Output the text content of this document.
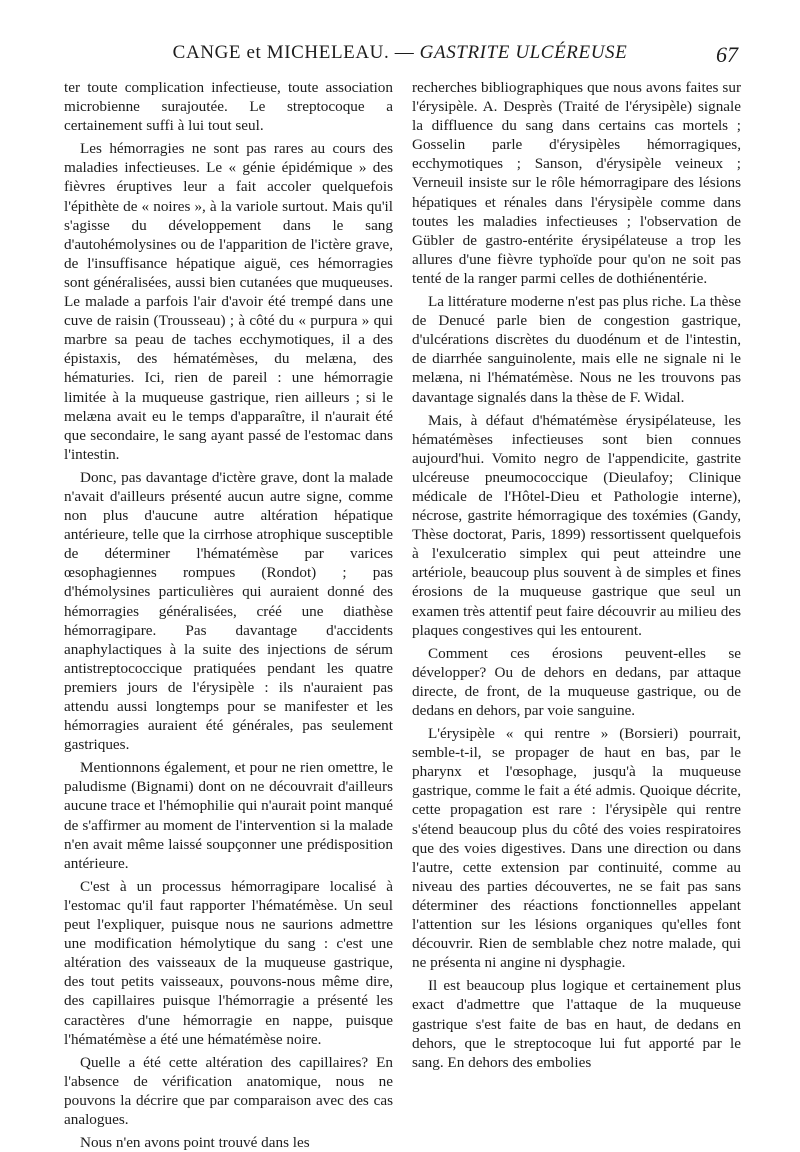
CANGE et MICHELEAU. — GASTRITE ULCÉREUSE	67

ter toute complication infectieuse, toute association microbienne surajoutée. Le streptocoque a certainement suffi à lui tout seul.

Les hémorragies ne sont pas rares au cours des maladies infectieuses. Le « génie épidémique » des fièvres éruptives leur a fait accoler quelquefois l'épithète de « noires », à la variole surtout. Mais qu'il s'agisse du développement dans le sang d'autohémolysines ou de l'apparition de l'ictère grave, de l'insuffisance hépatique aiguë, ces hémorragies sont généralisées, aussi bien cutanées que muqueuses. Le malade a parfois l'air d'avoir été trempé dans une cuve de raisin (Trousseau) ; à côté du « purpura » qui marbre sa peau de taches ecchymotiques, il a des épistaxis, des hématémèses, du melæna, des hématuries. Ici, rien de pareil : une hémorragie limitée à la muqueuse gastrique, rien ailleurs ; si le melæna avait eu le temps d'apparaître, il n'aurait été que secondaire, le sang ayant passé de l'estomac dans l'intestin.

Donc, pas davantage d'ictère grave, dont la malade n'avait d'ailleurs présenté aucun autre signe, comme non plus d'aucune autre altération hépatique antérieure, telle que la cirrhose atrophique susceptible de déterminer l'hématémèse par varices œsophagiennes rompues (Rondot) ; pas d'hémolysines particulières qui auraient donné des hémorragies généralisées, créé une diathèse hémorragipare. Pas davantage d'accidents anaphylactiques à la suite des injections de sérum antistreptococcique pratiquées pendant les quatre premiers jours de l'érysipèle : ils n'auraient pas attendu aussi longtemps pour se manifester et les hémorragies auraient été générales, pas seulement gastriques.

Mentionnons également, et pour ne rien omettre, le paludisme (Bignami) dont on ne découvrait d'ailleurs aucune trace et l'hémophilie qui n'aurait point manqué de s'affirmer au moment de l'intervention si la malade n'en avait même laissé soupçonner une prédisposition antérieure.

C'est à un processus hémorragipare localisé à l'estomac qu'il faut rapporter l'hématémèse. Un seul peut l'expliquer, puisque nous ne saurions admettre une modification hémolytique du sang : c'est une altération des vaisseaux de la muqueuse gastrique, des tout petits vaisseaux, pouvons-nous même dire, des capillaires puisque l'hémorragie a présenté les caractères d'une hémorragie en nappe, puisque l'hématémèse a été une hématémèse noire.

Quelle a été cette altération des capillaires? En l'absence de vérification anatomique, nous ne pouvons la décrire que par comparaison avec des cas analogues.

Nous n'en avons point trouvé dans les

recherches bibliographiques que nous avons faites sur l'érysipèle. A. Desprès (Traité de l'érysipèle) signale la diffluence du sang dans certains cas mortels ; Gosselin parle d'érysipèles hémorragiques, ecchymotiques ; Sanson, d'érysipèle veineux ; Verneuil insiste sur le rôle hémorragipare des lésions hépatiques et rénales dans l'érysipèle comme dans toutes les maladies infectieuses ; l'observation de Gübler de gastro-entérite érysipélateuse a trop les allures d'une fièvre typhoïde pour qu'on ne soit pas tenté de la ranger parmi celles de dothiénentérie.

La littérature moderne n'est pas plus riche. La thèse de Denucé parle bien de congestion gastrique, d'ulcérations discrètes du duodénum et de l'intestin, de diarrhée sanguinolente, mais elle ne signale ni le melæna, ni l'hématémèse. Nous ne les trouvons pas davantage signalés dans la thèse de F. Widal.

Mais, à défaut d'hématémèse érysipélateuse, les hématémèses infectieuses sont bien connues aujourd'hui. Vomito negro de l'appendicite, gastrite ulcéreuse pneumococcique (Dieulafoy; Clinique médicale de l'Hôtel-Dieu et Pathologie interne), nécrose, gastrite hémorragique des toxémies (Gandy, Thèse doctorat, Paris, 1899) ressortissent quelquefois à l'exulceratio simplex qui peut atteindre une artériole, beaucoup plus souvent à de simples et fines érosions de la muqueuse gastrique que seul un examen très attentif peut faire découvrir au milieu des plaques congestives qui les entourent.

Comment ces érosions peuvent-elles se développer? Ou de dehors en dedans, par attaque directe, de front, de la muqueuse gastrique, ou de dedans en dehors, par voie sanguine.

L'érysipèle « qui rentre » (Borsieri) pourrait, semble-t-il, se propager de haut en bas, par le pharynx et l'œsophage, jusqu'à la muqueuse gastrique, comme le fait a été admis. Quoique décrite, cette propagation est rare : l'érysipèle qui rentre s'étend beaucoup plus du côté des voies respiratoires que des voies digestives. Dans une direction ou dans l'autre, cette extension par continuité, comme au niveau des parties découvertes, ne se fait pas sans déterminer des réactions fonctionnelles appelant l'attention sur les lésions organiques qu'elles font découvrir. Rien de semblable chez notre malade, qui ne présenta ni angine ni dysphagie.

Il est beaucoup plus logique et certainement plus exact d'admettre que l'attaque de la muqueuse gastrique s'est faite de bas en haut, de dedans en dehors, que le streptocoque lui fut apporté par le sang. En dehors des embolies
